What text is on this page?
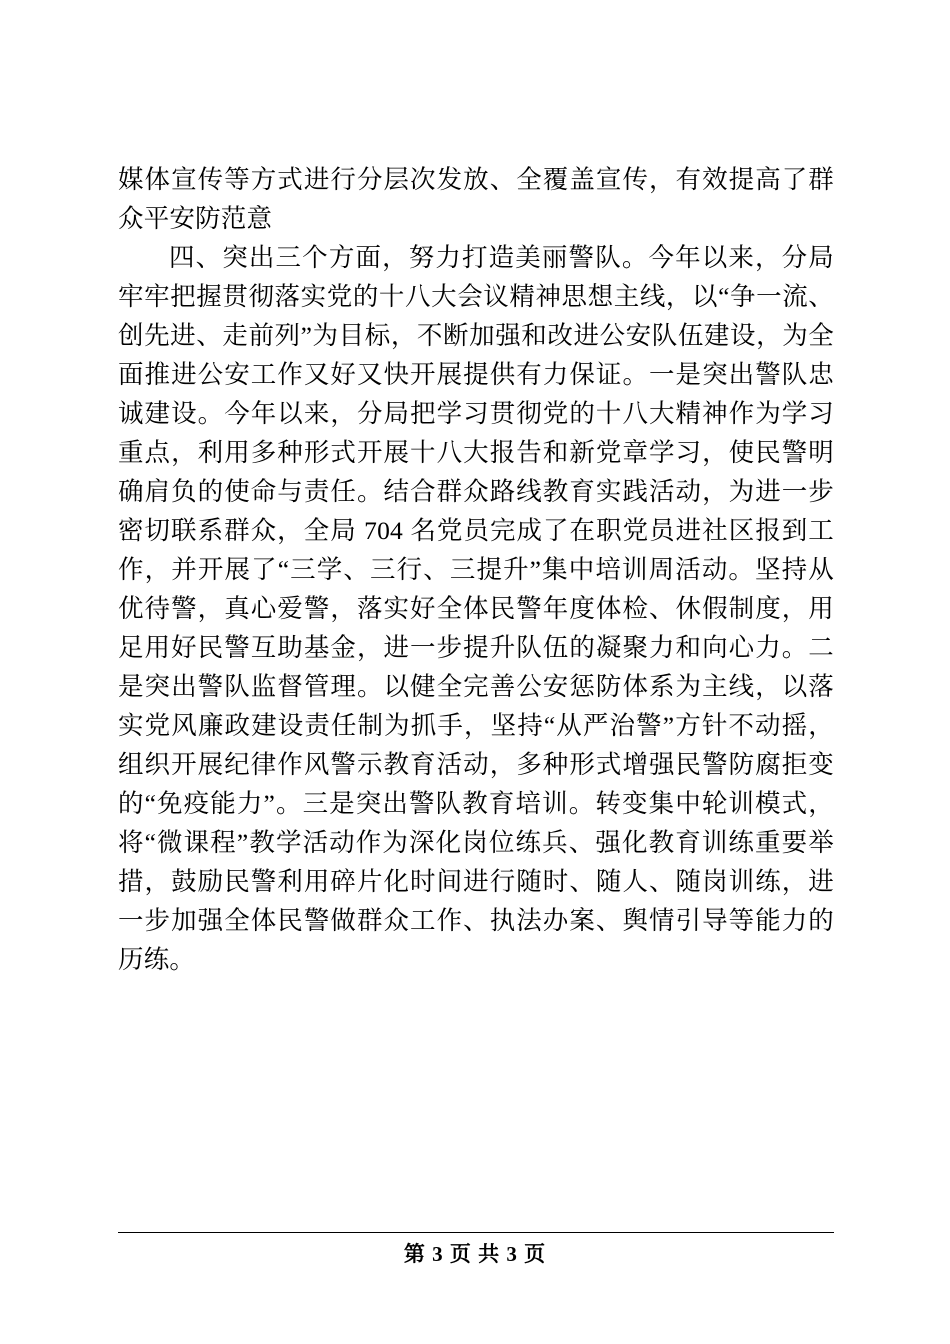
媒体宣传等方式进行分层次发放、全覆盖宣传，有效提高了群众平安防范意

四、突出三个方面，努力打造美丽警队。今年以来，分局牢牢把握贯彻落实党的十八大会议精神思想主线，以“争一流、创先进、走前列”为目标，不断加强和改进公安队伍建设，为全面推进公安工作又好又快开展提供有力保证。一是突出警队忠诚建设。今年以来，分局把学习贯彻党的十八大精神作为学习重点，利用多种形式开展十八大报告和新党章学习，使民警明确肩负的使命与责任。结合群众路线教育实践活动，为进一步密切联系群众，全局 704 名党员完成了在职党员进社区报到工作，并开展了“三学、三行、三提升”集中培训周活动。坚持从优待警，真心爱警，落实好全体民警年度体检、休假制度，用足用好民警互助基金，进一步提升队伍的凝聚力和向心力。二是突出警队监督管理。以健全完善公安惩防体系为主线，以落实党风廉政建设责任制为抓手，坚持“从严治警”方针不动摇，组织开展纪律作风警示教育活动，多种形式增强民警防腐拒变的“免疫能力”。三是突出警队教育培训。转变集中轮训模式，将“微课程”教学活动作为深化岗位练兵、强化教育训练重要举措，鼓励民警利用碎片化时间进行随时、随人、随岗训练，进一步加强全体民警做群众工作、执法办案、舆情引导等能力的历练。

第 3 页 共 3 页
